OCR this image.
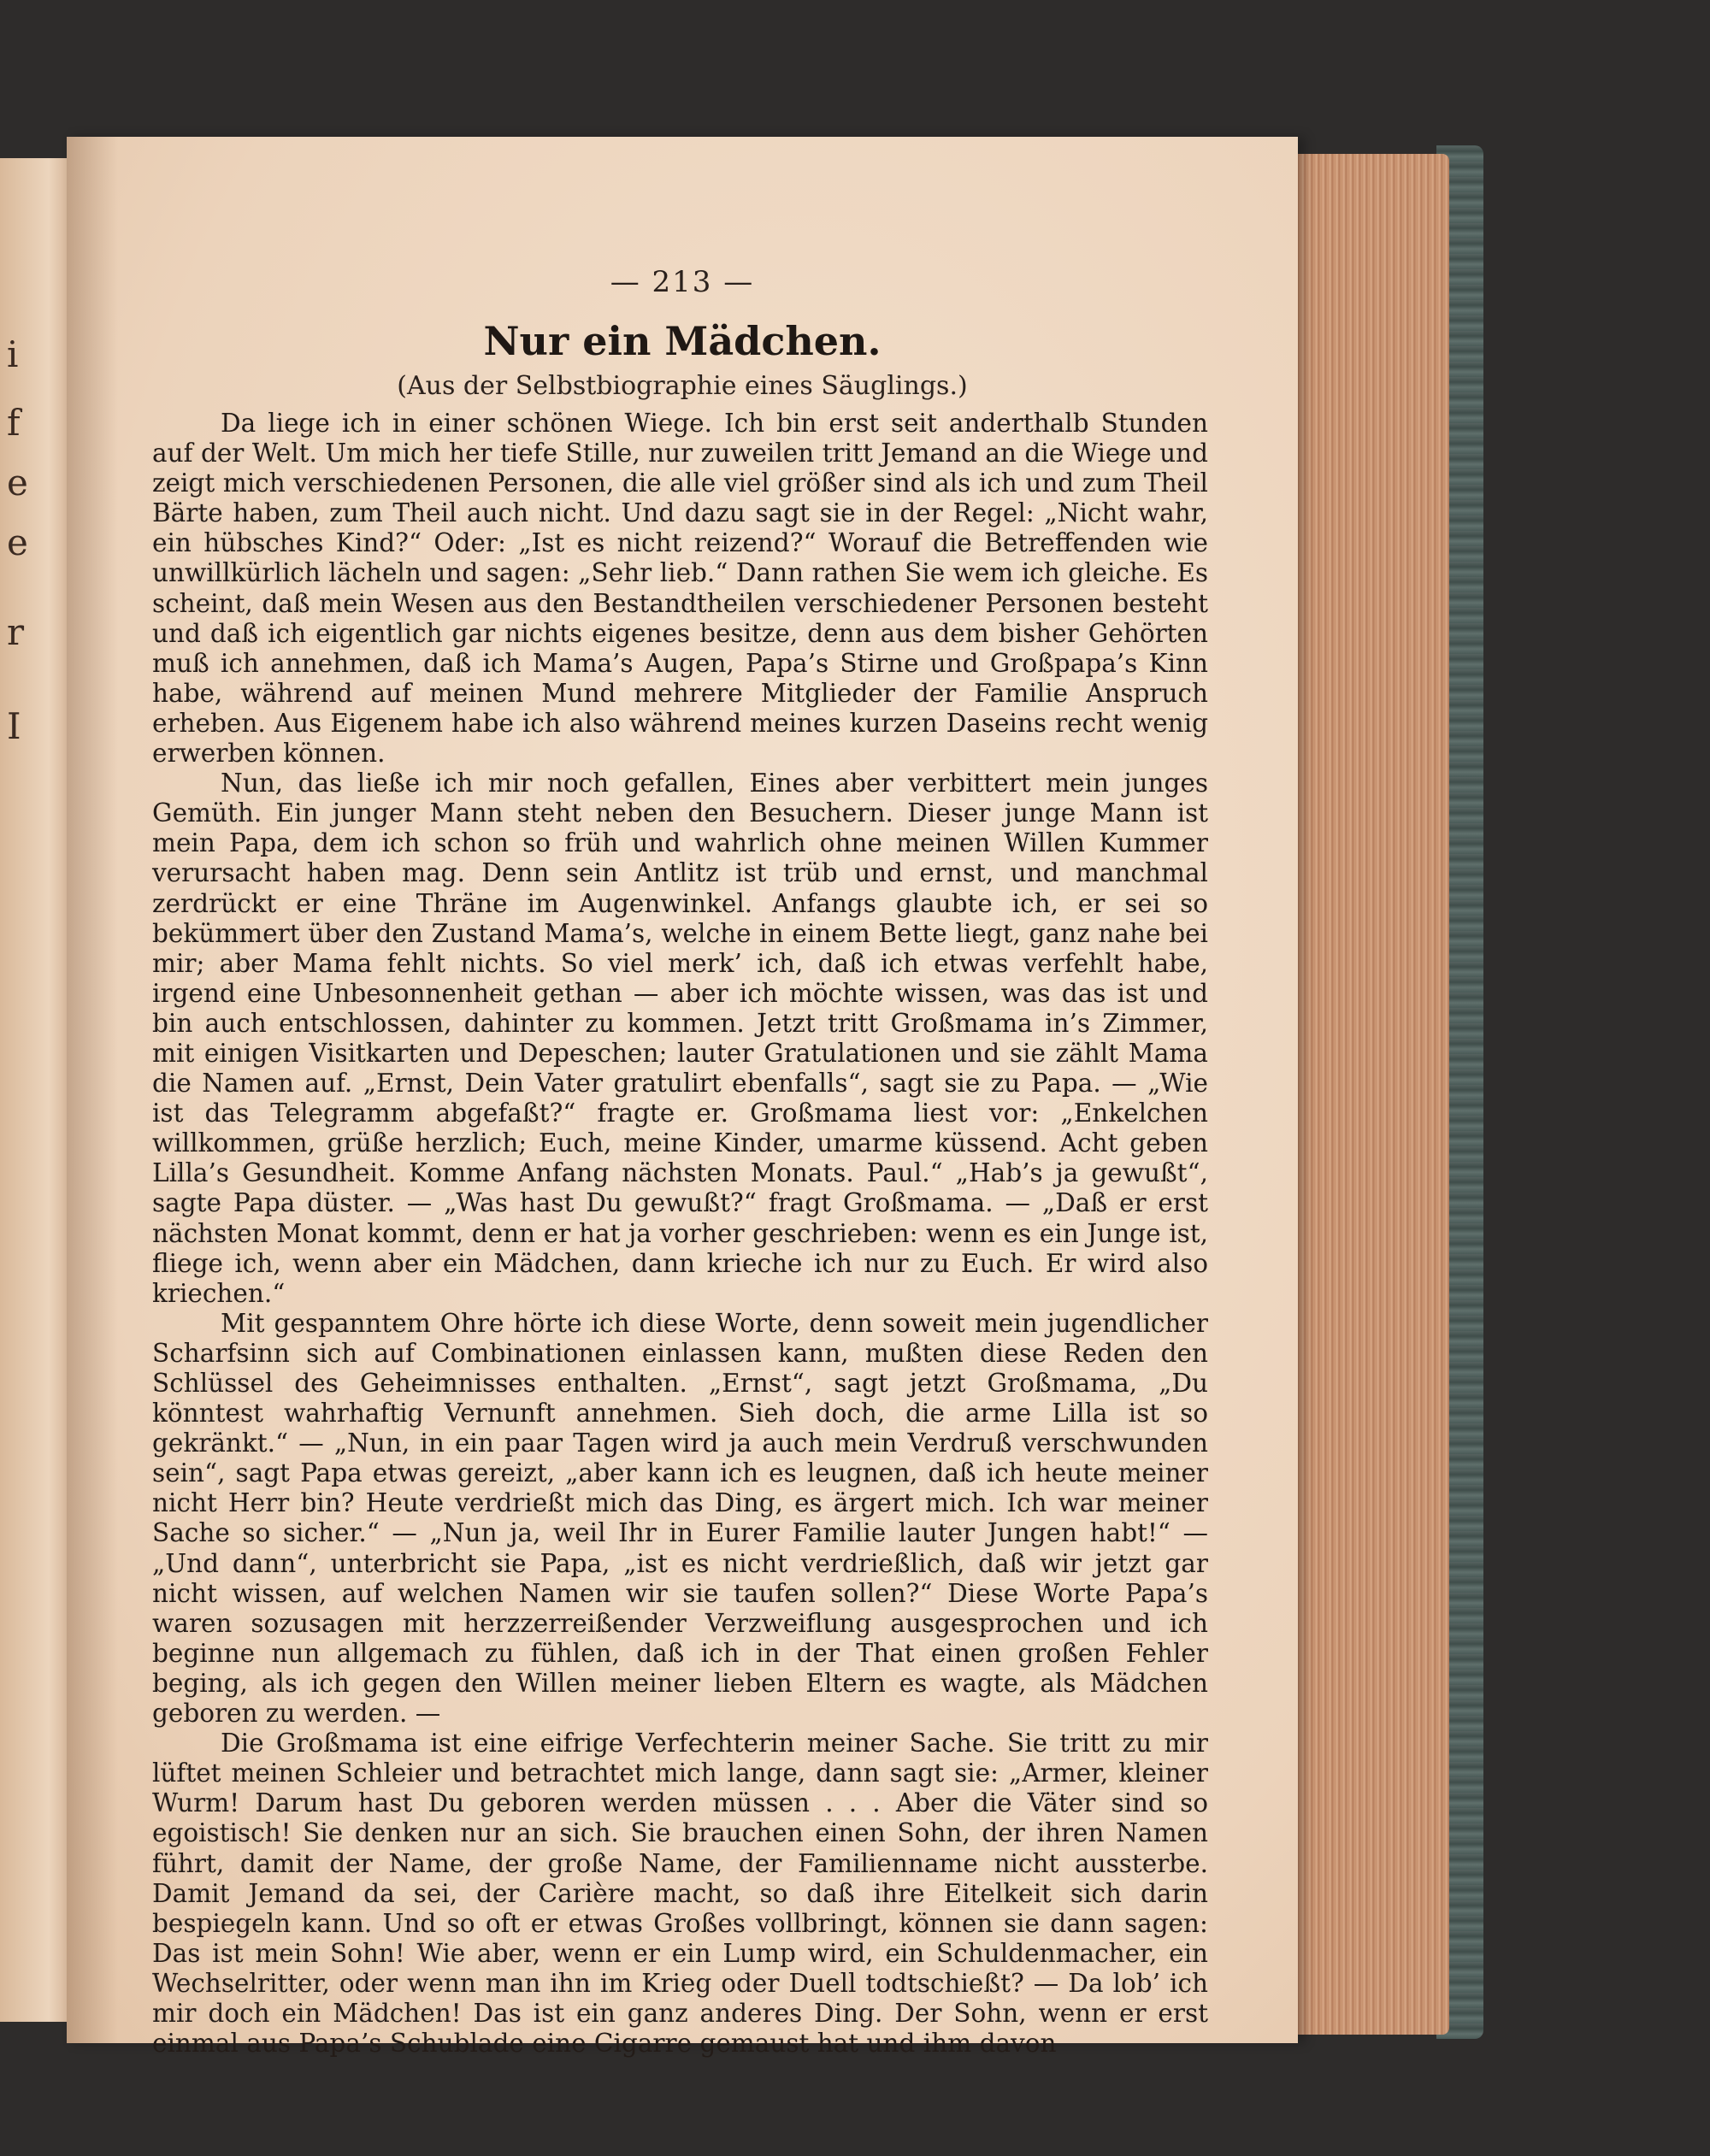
i
f
e
e
r
I
— 213 —
Nur ein Mädchen.
(Aus der Selbstbiographie eines Säuglings.)

Da liege ich in einer schönen Wiege. Ich bin erst seit anderthalb Stunden auf der Welt. Um mich her tiefe Stille, nur zuweilen tritt Jemand an die Wiege und zeigt mich verschiedenen Personen, die alle viel größer sind als ich und zum Theil Bärte haben, zum Theil auch nicht. Und dazu sagt sie in der Regel: „Nicht wahr, ein hübsches Kind?“ Oder: „Ist es nicht reizend?“ Worauf die Betreffenden wie unwillkürlich lächeln und sagen: „Sehr lieb.“ Dann rathen Sie wem ich gleiche. Es scheint, daß mein Wesen aus den Bestandtheilen verschiedener Personen besteht und daß ich eigentlich gar nichts eigenes besitze, denn aus dem bisher Gehörten muß ich annehmen, daß ich Mama’s Augen, Papa’s Stirne und Großpapa’s Kinn habe, während auf meinen Mund mehrere Mitglieder der Familie Anspruch erheben. Aus Eigenem habe ich also während meines kurzen Daseins recht wenig erwerben können.

Nun, das ließe ich mir noch gefallen, Eines aber verbittert mein junges Gemüth. Ein junger Mann steht neben den Besuchern. Dieser junge Mann ist mein Papa, dem ich schon so früh und wahrlich ohne meinen Willen Kummer verursacht haben mag. Denn sein Antlitz ist trüb und ernst, und manchmal zerdrückt er eine Thräne im Augenwinkel. Anfangs glaubte ich, er sei so bekümmert über den Zustand Mama’s, welche in einem Bette liegt, ganz nahe bei mir; aber Mama fehlt nichts. So viel merk’ ich, daß ich etwas verfehlt habe, irgend eine Unbesonnenheit gethan — aber ich möchte wissen, was das ist und bin auch entschlossen, dahinter zu kommen. Jetzt tritt Großmama in’s Zimmer, mit einigen Visitkarten und Depeschen; lauter Gratulationen und sie zählt Mama die Namen auf. „Ernst, Dein Vater gratulirt ebenfalls“, sagt sie zu Papa. — „Wie ist das Telegramm abgefaßt?“ fragte er. Großmama liest vor: „Enkelchen willkommen, grüße herzlich; Euch, meine Kinder, umarme küssend. Acht geben Lilla’s Gesundheit. Komme Anfang nächsten Monats. Paul.“ „Hab’s ja gewußt“, sagte Papa düster. — „Was hast Du gewußt?“ fragt Großmama. — „Daß er erst nächsten Monat kommt, denn er hat ja vorher geschrieben: wenn es ein Junge ist, fliege ich, wenn aber ein Mädchen, dann krieche ich nur zu Euch. Er wird also kriechen.“

Mit gespanntem Ohre hörte ich diese Worte, denn soweit mein jugendlicher Scharfsinn sich auf Combinationen einlassen kann, mußten diese Reden den Schlüssel des Geheimnisses enthalten. „Ernst“, sagt jetzt Großmama, „Du könntest wahrhaftig Vernunft annehmen. Sieh doch, die arme Lilla ist so gekränkt.“ — „Nun, in ein paar Tagen wird ja auch mein Verdruß verschwunden sein“, sagt Papa etwas gereizt, „aber kann ich es leugnen, daß ich heute meiner nicht Herr bin? Heute verdrießt mich das Ding, es ärgert mich. Ich war meiner Sache so sicher.“ — „Nun ja, weil Ihr in Eurer Familie lauter Jungen habt!“ — „Und dann“, unterbricht sie Papa, „ist es nicht verdrießlich, daß wir jetzt gar nicht wissen, auf welchen Namen wir sie taufen sollen?“ Diese Worte Papa’s waren sozusagen mit herzzerreißender Verzweiflung ausgesprochen und ich beginne nun allgemach zu fühlen, daß ich in der That einen großen Fehler beging, als ich gegen den Willen meiner lieben Eltern es wagte, als Mädchen geboren zu werden. —

Die Großmama ist eine eifrige Verfechterin meiner Sache. Sie tritt zu mir lüftet meinen Schleier und betrachtet mich lange, dann sagt sie: „Armer, kleiner Wurm! Darum hast Du geboren werden müssen . . . Aber die Väter sind so egoistisch! Sie denken nur an sich. Sie brauchen einen Sohn, der ihren Namen führt, damit der Name, der große Name, der Familienname nicht aussterbe. Damit Jemand da sei, der Carière macht, so daß ihre Eitelkeit sich darin bespiegeln kann. Und so oft er etwas Großes vollbringt, können sie dann sagen: Das ist mein Sohn! Wie aber, wenn er ein Lump wird, ein Schuldenmacher, ein Wechselritter, oder wenn man ihn im Krieg oder Duell todtschießt? — Da lob’ ich mir doch ein Mädchen! Das ist ein ganz anderes Ding. Der Sohn, wenn er erst einmal aus Papa’s Schublade eine Cigarre gemaust hat und ihm davon
